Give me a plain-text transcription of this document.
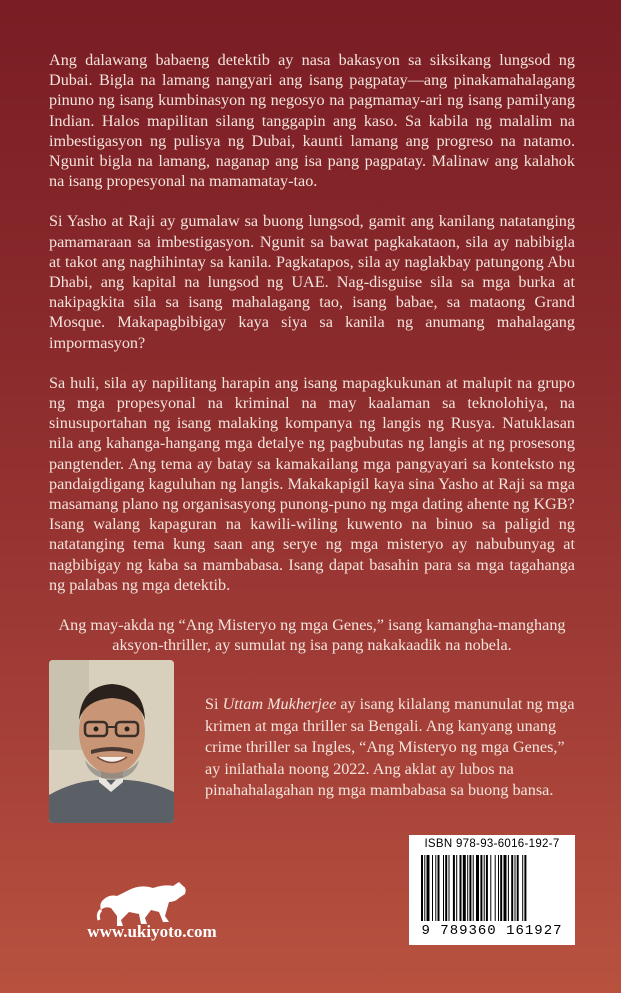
Ang dalawang babaeng detektib ay nasa bakasyon sa siksikang lungsod ng Dubai. Bigla na lamang nangyari ang isang pagpatay—ang pinakamahalagang pinuno ng isang kumbinasyon ng negosyo na pagmamay-ari ng isang pamilyang Indian. Halos mapilitan silang tanggapin ang kaso. Sa kabila ng malalim na imbestigasyon ng pulisya ng Dubai, kaunti lamang ang progreso na natamo. Ngunit bigla na lamang, naganap ang isa pang pagpatay. Malinaw ang kalahok na isang propesyonal na mamamatay-tao.

Si Yasho at Raji ay gumalaw sa buong lungsod, gamit ang kanilang natatanging pamamaraan sa imbestigasyon. Ngunit sa bawat pagkakataon, sila ay nabibigla at takot ang naghihintay sa kanila. Pagkatapos, sila ay naglakbay patungong Abu Dhabi, ang kapital na lungsod ng UAE. Nag-disguise sila sa mga burka at nakipagkita sila sa isang mahalagang tao, isang babae, sa mataong Grand Mosque. Makapagbibigay kaya siya sa kanila ng anumang mahalagang impormasyon?

Sa huli, sila ay napilitang harapin ang isang mapagkukunan at malupit na grupo ng mga propesyonal na kriminal na may kaalaman sa teknolohiya, na sinusuportahan ng isang malaking kompanya ng langis ng Rusya. Natuklasan nila ang kahanga-hangang mga detalye ng pagbubutas ng langis at ng prosesong pangtender. Ang tema ay batay sa kamakailang mga pangyayari sa konteksto ng pandaigdigang kaguluhan ng langis. Makakapigil kaya sina Yasho at Raji sa mga masamang plano ng organisasyong punong-puno ng mga dating ahente ng KGB?

Isang walang kapaguran na kawili-wiling kuwento na binuo sa paligid ng natatanging tema kung saan ang serye ng mga misteryo ay nabubunyag at nagbibigay ng kaba sa mambabasa. Isang dapat basahin para sa mga tagahanga ng palabas ng mga detektib.

Ang may-akda ng “Ang Misteryo ng mga Genes,” isang kamangha-manghang aksyon-thriller, ay sumulat ng isa pang nakakaadik na nobela.

Si Uttam Mukherjee ay isang kilalang manunulat ng mga krimen at mga thriller sa Bengali. Ang kanyang unang crime thriller sa Ingles, “Ang Misteryo ng mga Genes,” ay inilathala noong 2022. Ang aklat ay lubos na pinahahalagahan ng mga mambabasa sa buong bansa.
www.ukiyoto.com
ISBN 978-93-6016-192-7
9 789360 161927
